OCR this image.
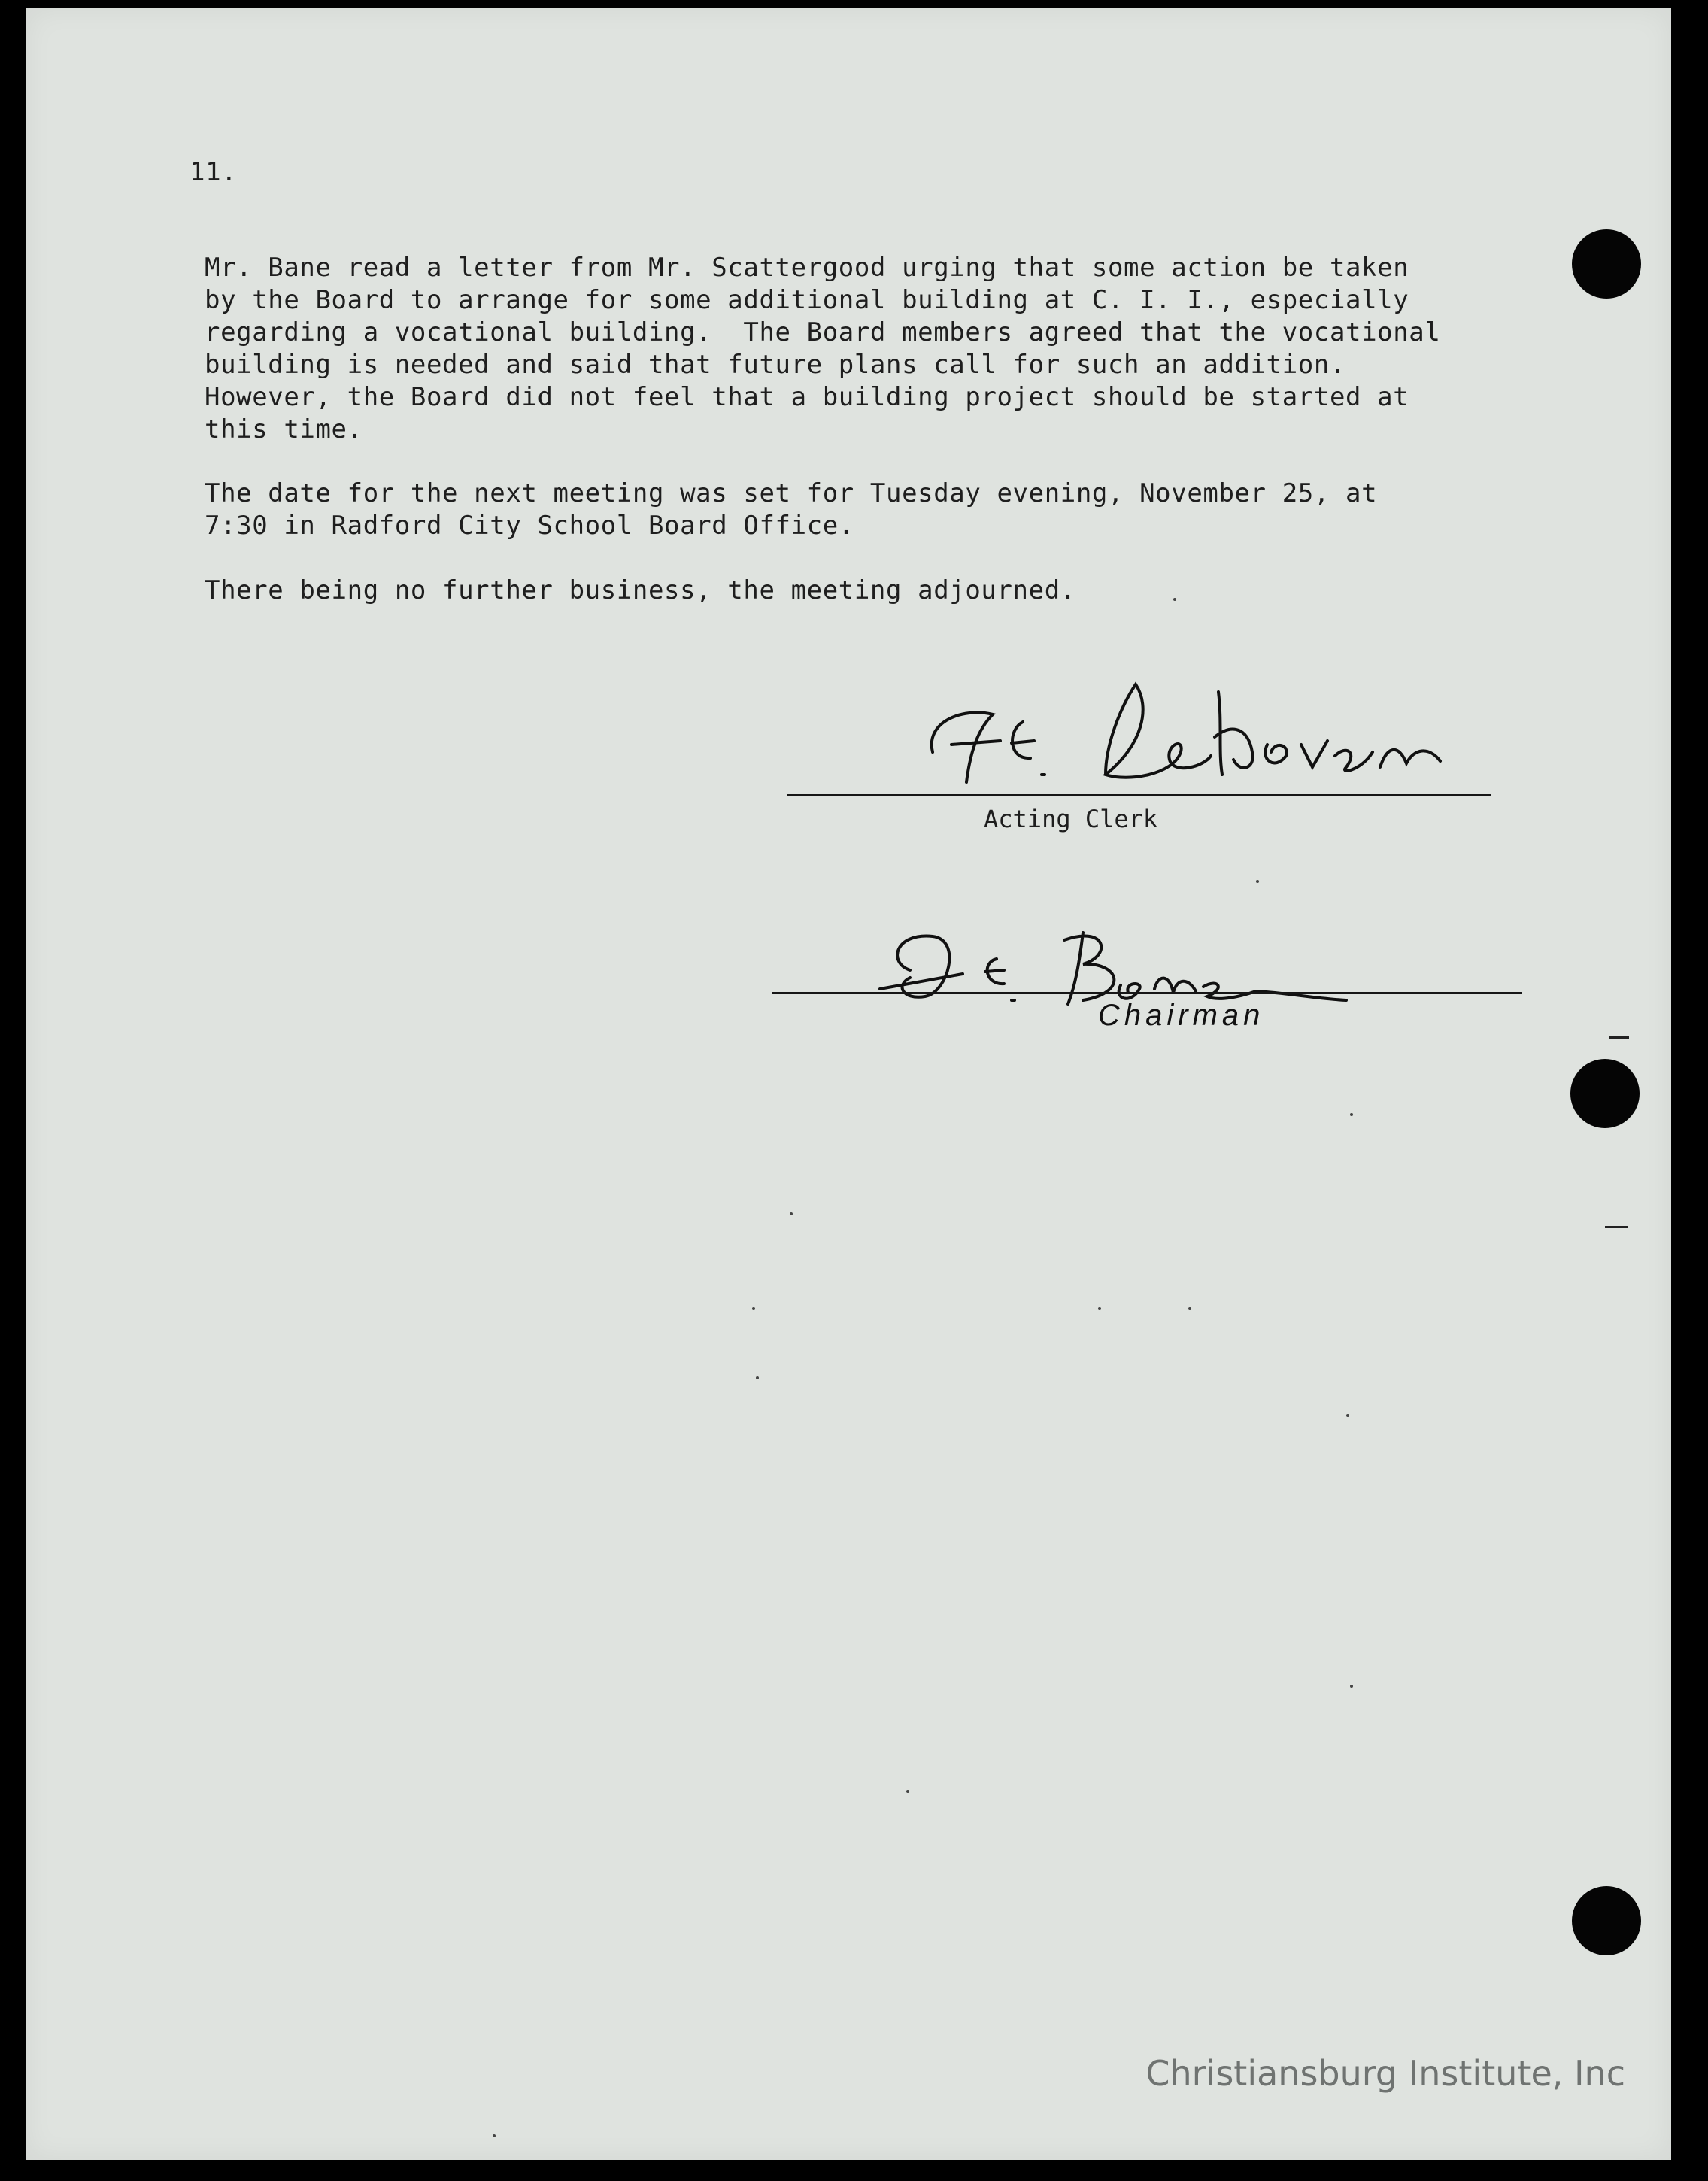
11.
Mr. Bane read a letter from Mr. Scattergood urging that some action be taken
by the Board to arrange for some additional building at C. I. I., especially
regarding a vocational building.  The Board members agreed that the vocational
building is needed and said that future plans call for such an addition.
However, the Board did not feel that a building project should be started at
this time.
The date for the next meeting was set for Tuesday evening, November 25, at
7:30 in Radford City School Board Office.
There being no further business, the meeting adjourned.
Acting Clerk
Chairman
Christiansburg Institute, Inc
